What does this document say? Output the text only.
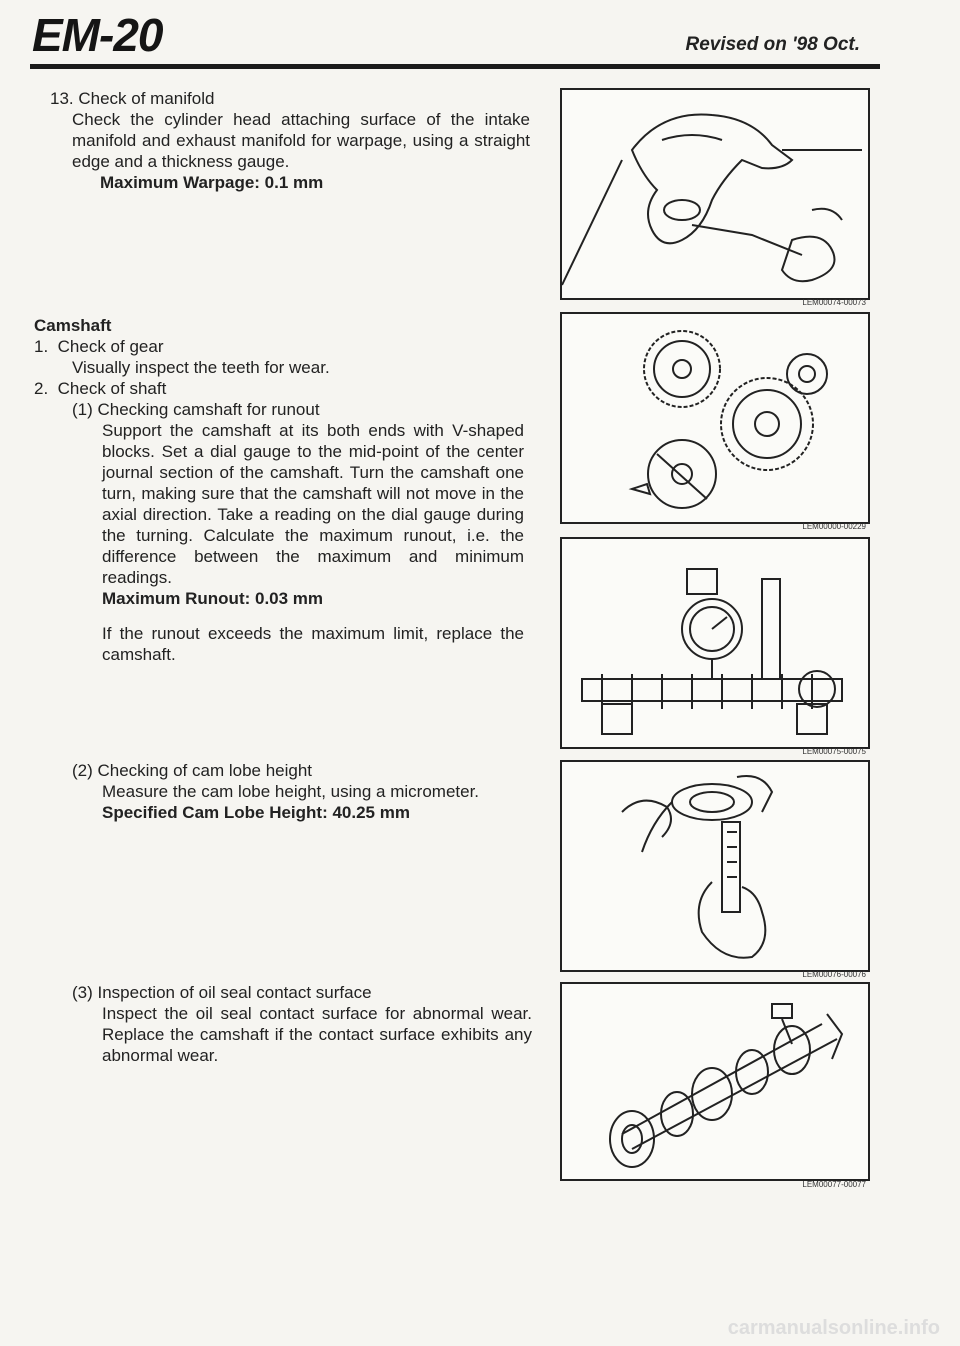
EM-20	Revised on '98 Oct.

13. Check of manifold

Check the cylinder head attaching surface of the intake manifold and exhaust manifold for warpage, using a straight edge and a thickness gauge.

Maximum Warpage: 0.1 mm

LEM00074-00073

Camshaft

1. Check of gear

Visually inspect the teeth for wear.

2. Check of shaft

(1) Checking camshaft for runout

Support the camshaft at its both ends with V-shaped blocks. Set a dial gauge to the mid-point of the center journal section of the camshaft. Turn the camshaft one turn, making sure that the camshaft will not move in the axial direction. Take a reading on the dial gauge during the turning. Calculate the maximum runout, i.e. the difference between the maximum and minimum readings.

Maximum Runout: 0.03 mm

If the runout exceeds the maximum limit, replace the camshaft.

LEM00000-00229
LEM00075-00075

(2) Checking of cam lobe height

Measure the cam lobe height, using a micrometer.

Specified Cam Lobe Height: 40.25 mm

LEM00076-00076

(3) Inspection of oil seal contact surface

Inspect the oil seal contact surface for abnormal wear. Replace the camshaft if the contact surface exhibits any abnormal wear.

LEM00077-00077
carmanualsonline.info
